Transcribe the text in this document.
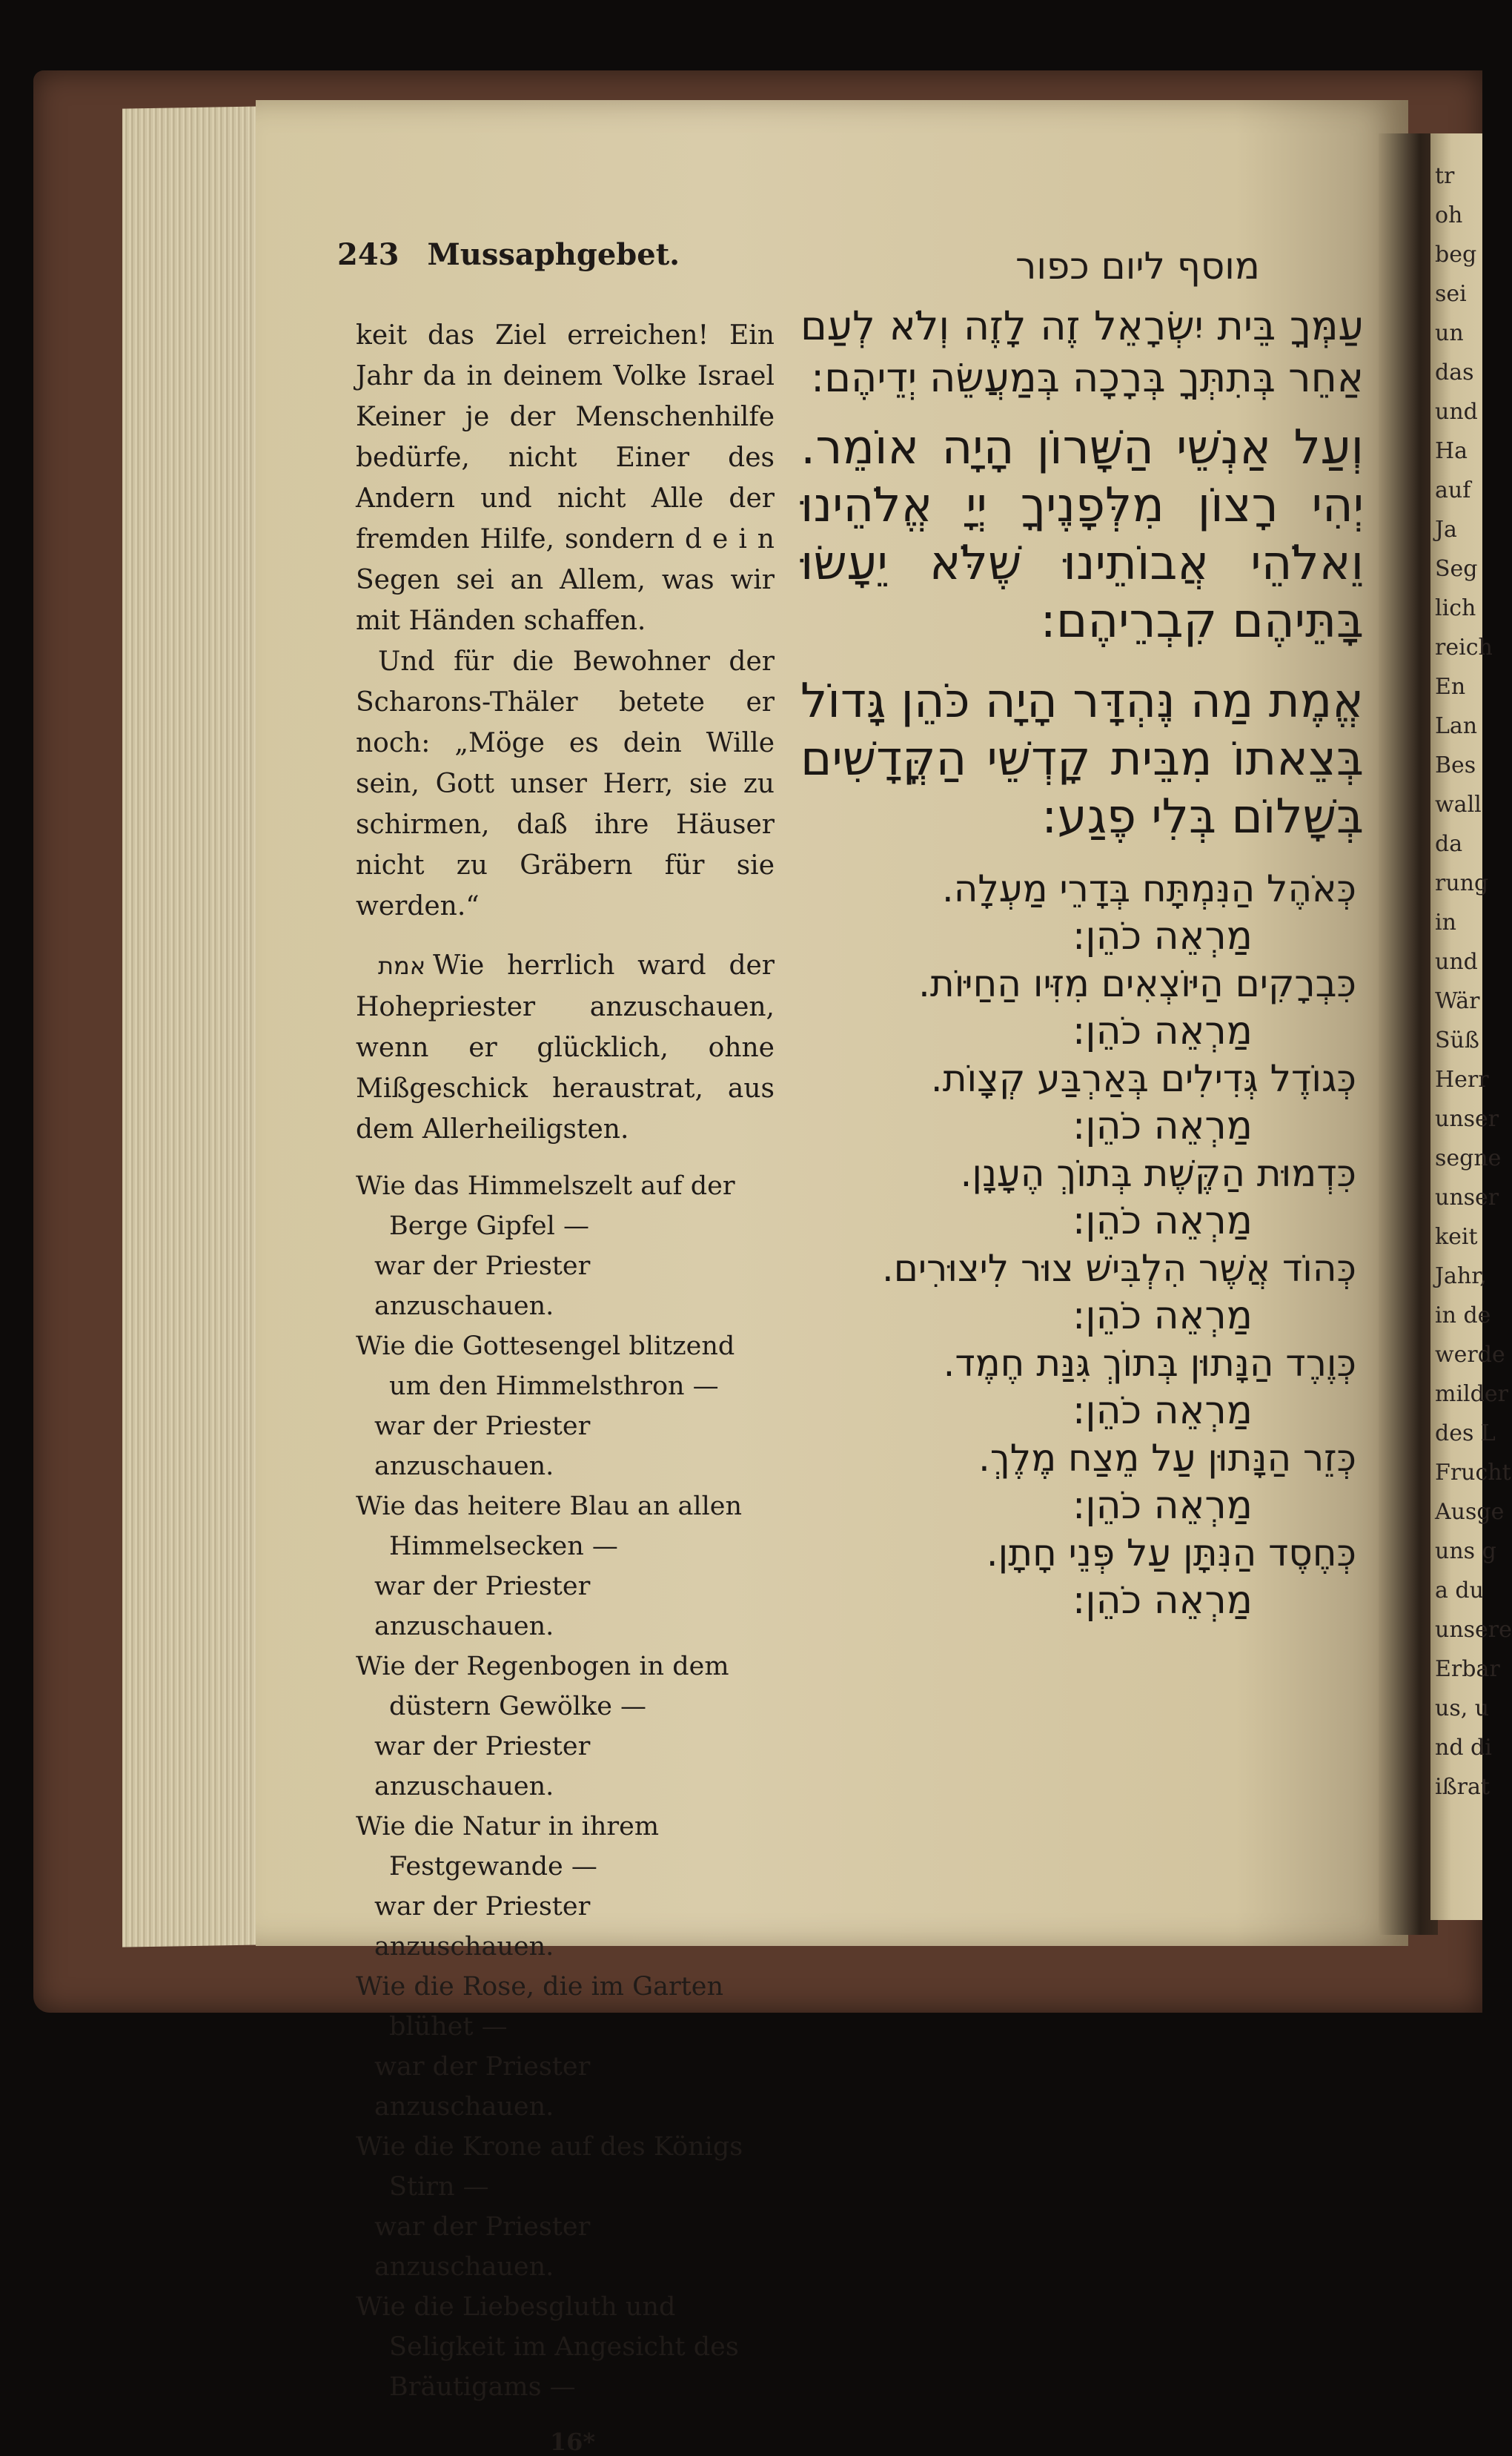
tr
oh
beg
sei
un
das
und
Ha
auf
Ja
Seg
lich
reich
En
Lan
Bes
wall
da
rung
in
und
Wär
Süß
Herr
unser
segne
unser
keit
Jahr,
in de
werde
milder
des L
Frucht
Ausge
uns g
a du
unsere
Erbar
us, u
nd di
ißrat
243 Mussaphgebet.	מוסף ליום כפור
keit das Ziel erreichen! Ein Jahr da in deinem Volke Israel Keiner je der Menschenhilfe bedürfe, nicht Einer des Andern und nicht Alle der fremden Hilfe, sondern d e i n Segen sei an Allem, was wir mit Händen schaffen.
Und für die Bewohner der Scharons-Thäler betete er noch: „Möge es dein Wille sein, Gott unser Herr, sie zu schirmen, daß ihre Häuser nicht zu Gräbern für sie werden.“
אמת Wie herrlich ward der Hohepriester anzuschauen, wenn er glücklich, ohne Mißgeschick heraustrat, aus dem Allerheiligsten.
Wie das Himmelszelt auf der Berge Gipfel —
war der Priester anzuschauen.
Wie die Gottesengel blitzend um den Himmelsthron —
war der Priester anzuschauen.
Wie das heitere Blau an allen Himmelsecken —
war der Priester anzuschauen.
Wie der Regenbogen in dem düstern Gewölke —
war der Priester anzuschauen.
Wie die Natur in ihrem Festgewande —
war der Priester anzuschauen.
Wie die Rose, die im Garten blühet —
war der Priester anzuschauen.
Wie die Krone auf des Königs Stirn —
war der Priester anzuschauen.
Wie die Liebesgluth und Seligkeit im Angesicht des Bräutigams —
16*
עַמְּךָ בֵּית יִשְׂרָאֵל זֶה לָזֶה וְלֹא לְעַם אַחֵר בְּתִתְּךָ בְּרָכָה בְּמַעֲשֵׂה יְדֵיהֶם:
וְעַל אַנְשֵׁי הַשָּׁרוֹן הָיָה אוֹמֵר. יְהִי רָצוֹן מִלְּפָנֶיךָ יְיָ אֱלֹהֵינוּ וֵאלֹהֵי אֲבוֹתֵינוּ שֶׁלֹּא יֵעָשׂוּ בָּתֵּיהֶם קִבְרֵיהֶם:
אֱמֶת מַה נֶּהְדָּר הָיָה כֹּהֵן גָּדוֹל בְּצֵאתוֹ מִבֵּית קָדְשֵׁי הַקֳּדָשִׁים בְּשָׁלוֹם בְּלִי פֶגַע:
כְּאֹהֶל הַנִּמְתָּח בְּדָרֵי מַעְלָה.
מַרְאֵה כֹהֵן:
כִּבְרָקִים הַיּוֹצְאִים מִזִּיו הַחַיּוֹת.
מַרְאֵה כֹהֵן:
כְּגוֹדֶל גְּדִילִים בְּאַרְבַּע קְצָוֹת.
מַרְאֵה כֹהֵן:
כִּדְמוּת הַקֶּשֶׁת בְּתוֹךְ הֶעָנָן.
מַרְאֵה כֹהֵן:
כְּהוֹד אֲשֶׁר הִלְבִּישׁ צוּר לִיצוּרִים.
מַרְאֵה כֹהֵן:
כְּוֶרֶד הַנָּתוּן בְּתוֹךְ גִּנַּת חֶמֶד.
מַרְאֵה כֹהֵן:
כְּזֵר הַנָּתוּן עַל מֵצַח מֶלֶךְ.
מַרְאֵה כֹהֵן:
כְּחֶסֶד הַנִּתָּן עַל פְּנֵי חָתָן.
מַרְאֵה כֹהֵן:
